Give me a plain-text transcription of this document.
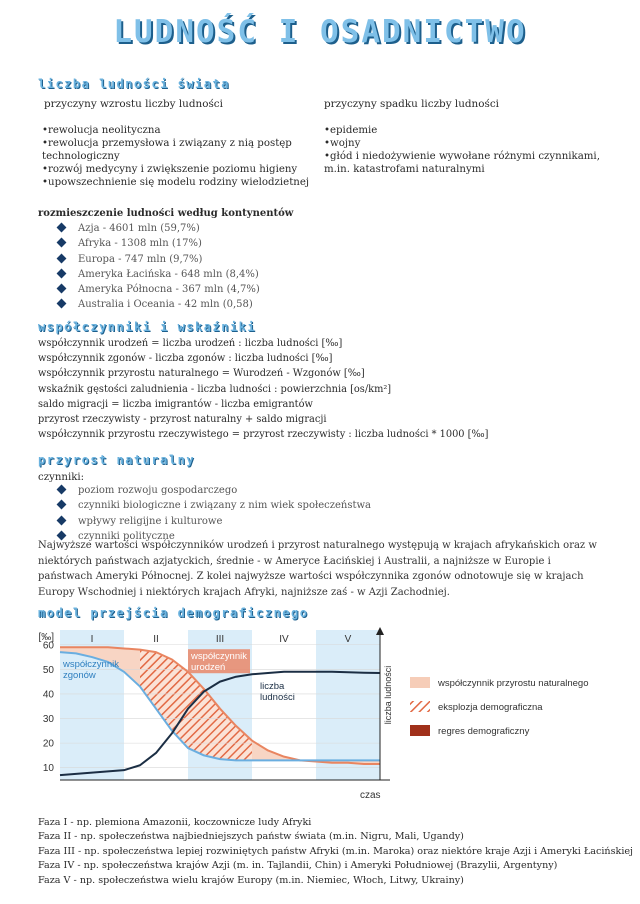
LUDNOŚĆ I OSADNICTWO
liczba ludności świata
przyczyny wzrostu liczby ludności	przyczyny spadku liczby ludności
•rewolucja neolityczna
•rewolucja przemysłowa i związany z nią postęp
technologiczny
•rozwój medycyny i zwiększenie poziomu higieny
•upowszechnienie się modelu rodziny wielodzietnej
•epidemie
•wojny
•głód i niedożywienie wywołane różnymi czynnikami,
m.in. katastrofami naturalnymi
rozmieszczenie ludności według kontynentów
Azja - 4601 mln (59,7%)
Afryka - 1308 mln (17%)
Europa - 747 mln (9,7%)
Ameryka Łacińska - 648 mln (8,4%)
Ameryka Północna - 367 mln (4,7%)
Australia i Oceania - 42 mln (0,58)
współczynniki i wskaźniki
współczynnik urodzeń = liczba urodzeń : liczba ludności [‰]
współczynnik zgonów - liczba zgonów : liczba ludności [‰]
współczynnik przyrostu naturalnego = Wurodzeń - Wzgonów [‰]
wskaźnik gęstości zaludnienia - liczba ludności : powierzchnia [os/km²]
saldo migracji = liczba imigrantów - liczba emigrantów
przyrost rzeczywisty - przyrost naturalny + saldo migracji
współczynnik przyrostu rzeczywistego = przyrost rzeczywisty : liczba ludności * 1000 [‰]
przyrost naturalny
czynniki:
poziom rozwoju gospodarczego
czynniki biologiczne i związany z nim wiek społeczeństwa
wpływy religijne i kulturowe
czynniki polityczne
Najwyższe wartości współczynników urodzeń i przyrost naturalnego występują w krajach afrykańskich oraz w niektórych państwach azjatyckich, średnie - w Ameryce Łacińskiej i Australii, a najniższe w Europie i państwach Ameryki Północnej. Z kolei najwyższe wartości współczynnika zgonów odnotowuje się w krajach Europy Wschodniej i niektórych krajach Afryki, najniższe zaś - w Azji Zachodniej.
model przejścia demograficznego
I	II	III	IV	V
10
20
30
40
50
60
[‰]
czas
liczba ludności
współczynnik
urodzeń
współczynnik
zgonów
liczba
ludności
współczynnik przyrostu naturalnego
eksplozja demograficzna
regres demograficzny
Faza I - np. plemiona Amazonii, koczownicze ludy Afryki
Faza II - np. społeczeństwa najbiedniejszych państw świata (m.in. Nigru, Mali, Ugandy)
Faza III - np. społeczeństwa lepiej rozwiniętych państw Afryki (m.in. Maroka) oraz niektóre kraje Azji i Ameryki Łacińskiej
Faza IV - np. społeczeństwa krajów Azji (m. in. Tajlandii, Chin) i Ameryki Południowej (Brazylii, Argentyny)
Faza V - np. społeczeństwa wielu krajów Europy (m.in. Niemiec, Włoch, Litwy, Ukrainy)
